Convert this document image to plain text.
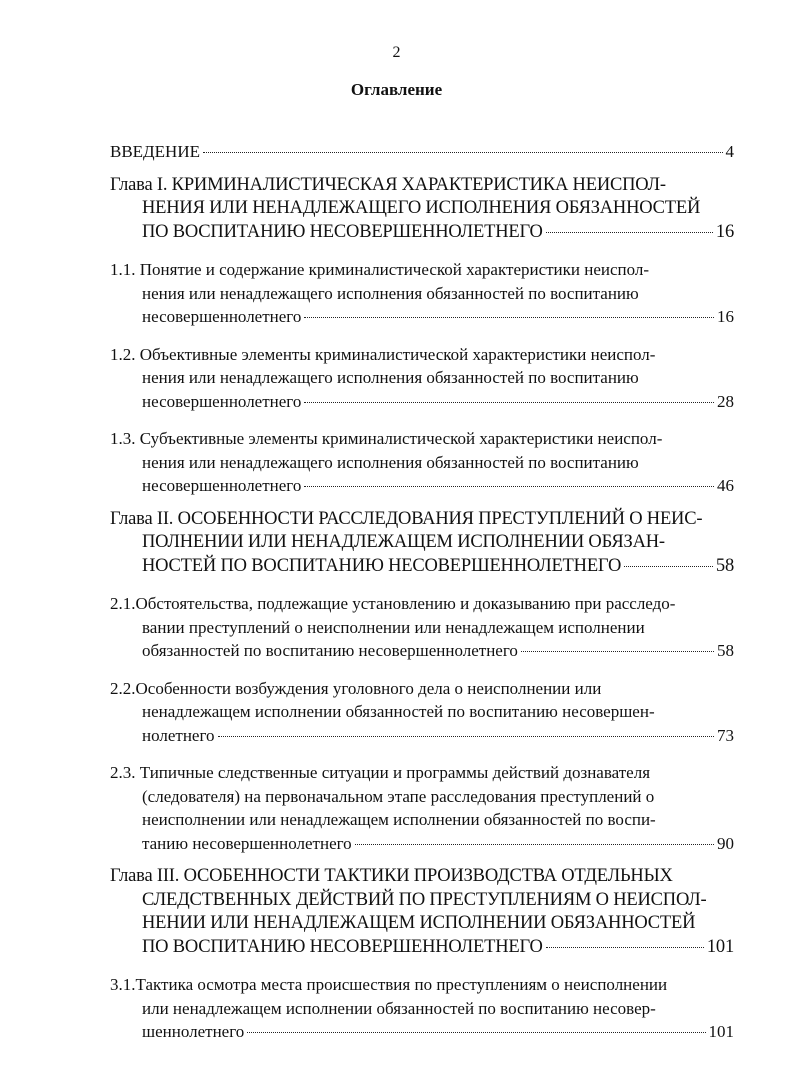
2
Оглавление
ВВЕДЕНИЕ	4
Глава I. КРИМИНАЛИСТИЧЕСКАЯ ХАРАКТЕРИСТИКА НЕИСПОЛ-
НЕНИЯ ИЛИ НЕНАДЛЕЖАЩЕГО ИСПОЛНЕНИЯ ОБЯЗАННОСТЕЙ
ПО ВОСПИТАНИЮ НЕСОВЕРШЕННОЛЕТНЕГО	16
1.1. Понятие и содержание криминалистической характеристики неиспол-
нения или ненадлежащего исполнения обязанностей по воспитанию
несовершеннолетнего	16
1.2. Объективные элементы криминалистической характеристики неиспол-
нения или ненадлежащего исполнения обязанностей по воспитанию
несовершеннолетнего	28
1.3. Субъективные элементы криминалистической характеристики неиспол-
нения или ненадлежащего исполнения обязанностей по воспитанию
несовершеннолетнего	46
Глава II. ОСОБЕННОСТИ РАССЛЕДОВАНИЯ ПРЕСТУПЛЕНИЙ О НЕИС-
ПОЛНЕНИИ ИЛИ НЕНАДЛЕЖАЩЕМ ИСПОЛНЕНИИ ОБЯЗАН-
НОСТЕЙ ПО ВОСПИТАНИЮ НЕСОВЕРШЕННОЛЕТНЕГО	58
2.1.Обстоятельства, подлежащие установлению и доказыванию при расследо-
вании преступлений о неисполнении или ненадлежащем исполнении
обязанностей по воспитанию несовершеннолетнего	58
2.2.Особенности возбуждения уголовного дела о неисполнении или
ненадлежащем исполнении обязанностей по воспитанию несовершен-
нолетнего	73
2.3. Типичные следственные ситуации и программы действий дознавателя
(следователя) на первоначальном этапе расследования преступлений о
неисполнении или ненадлежащем исполнении обязанностей по воспи-
танию несовершеннолетнего	90
Глава III. ОСОБЕННОСТИ ТАКТИКИ ПРОИЗВОДСТВА ОТДЕЛЬНЫХ
СЛЕДСТВЕННЫХ ДЕЙСТВИЙ ПО ПРЕСТУПЛЕНИЯМ О НЕИСПОЛ-
НЕНИИ ИЛИ НЕНАДЛЕЖАЩЕМ ИСПОЛНЕНИИ ОБЯЗАННОСТЕЙ
ПО ВОСПИТАНИЮ НЕСОВЕРШЕННОЛЕТНЕГО	101
3.1.Тактика осмотра места происшествия по преступлениям о неисполнении
или ненадлежащем исполнении обязанностей по воспитанию несовер-
шеннолетнего	101
